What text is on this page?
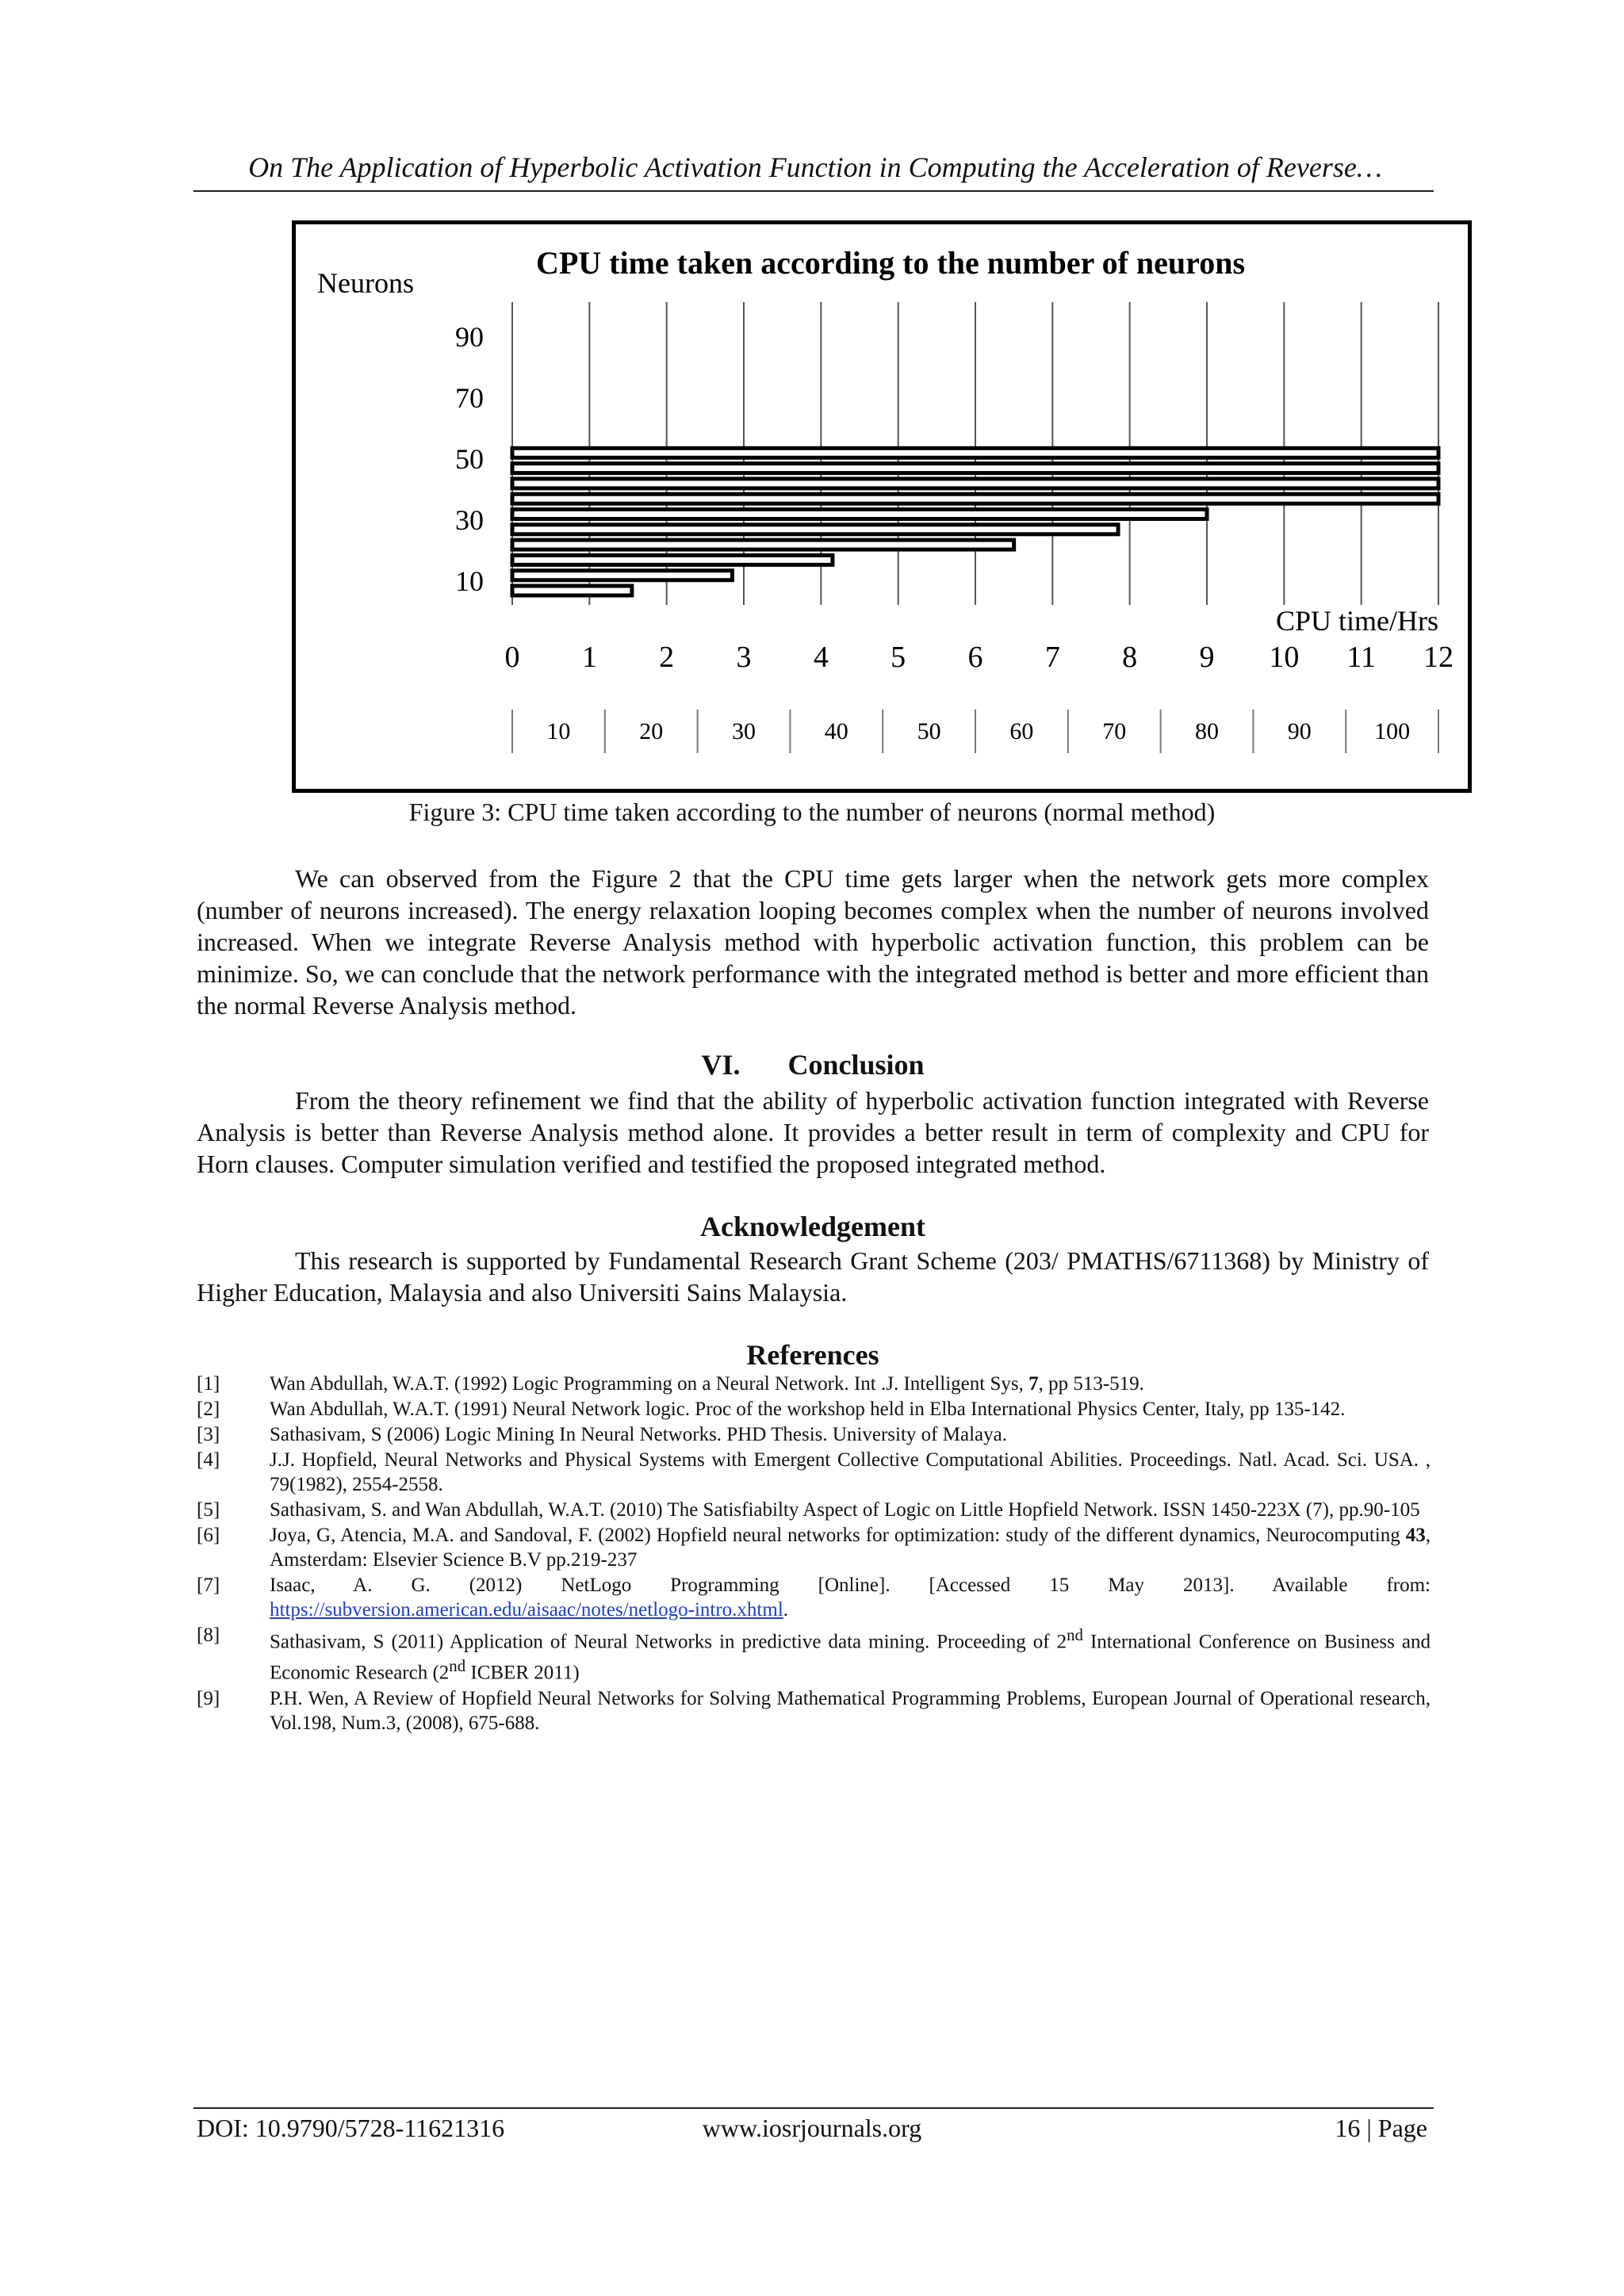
On The Application of Hyperbolic Activation Function in Computing the Acceleration of Reverse…
CPU time taken according to the number of neurons
Neurons
CPU time/Hrs
90
70
50
30
10
0 1 2 3 4 5 6 7 8 9 10 11 12
10	20	30	40	50	60	70	80	90	100
Figure 3: CPU time taken according to the number of neurons (normal method)
We can observed from the Figure 2 that the CPU time gets larger when the network gets more complex (number of neurons increased). The energy relaxation looping becomes complex when the number of neurons involved increased. When we integrate Reverse Analysis method with hyperbolic activation function, this problem can be minimize. So, we can conclude that the network performance with the integrated method is better and more efficient than the normal Reverse Analysis method.
VI. Conclusion
From the theory refinement we find that the ability of hyperbolic activation function integrated with Reverse Analysis is better than Reverse Analysis method alone. It provides a better result in term of complexity and CPU for Horn clauses. Computer simulation verified and testified the proposed integrated method.
Acknowledgement
This research is supported by Fundamental Research Grant Scheme (203/ PMATHS/6711368) by Ministry of Higher Education, Malaysia and also Universiti Sains Malaysia.
References
[1]	Wan Abdullah, W.A.T. (1992) Logic Programming on a Neural Network. Int .J. Intelligent Sys, 7, pp 513-519.
[2]	Wan Abdullah, W.A.T. (1991) Neural Network logic. Proc of the workshop held in Elba International Physics Center, Italy, pp 135-142.
[3]	Sathasivam, S (2006) Logic Mining In Neural Networks. PHD Thesis. University of Malaya.
[4]	J.J. Hopfield, Neural Networks and Physical Systems with Emergent Collective Computational Abilities. Proceedings. Natl. Acad. Sci. USA. , 79(1982), 2554-2558.
[5]	Sathasivam, S. and Wan Abdullah, W.A.T. (2010) The Satisfiabilty Aspect of Logic on Little Hopfield Network. ISSN 1450-223X (7), pp.90-105
[6]	Joya, G, Atencia, M.A. and Sandoval, F. (2002) Hopfield neural networks for optimization: study of the different dynamics, Neurocomputing 43, Amsterdam: Elsevier Science B.V pp.219-237
[7]	Isaac, A. G. (2012) NetLogo Programming [Online]. [Accessed 15 May 2013]. Available from: https://subversion.american.edu/aisaac/notes/netlogo-intro.xhtml.
[8]	Sathasivam, S (2011) Application of Neural Networks in predictive data mining. Proceeding of 2nd International Conference on Business and Economic Research (2nd ICBER 2011)
[9]	P.H. Wen, A Review of Hopfield Neural Networks for Solving Mathematical Programming Problems, European Journal of Operational research, Vol.198, Num.3, (2008), 675-688.
DOI: 10.9790/5728-11621316	www.iosrjournals.org	16 | Page
